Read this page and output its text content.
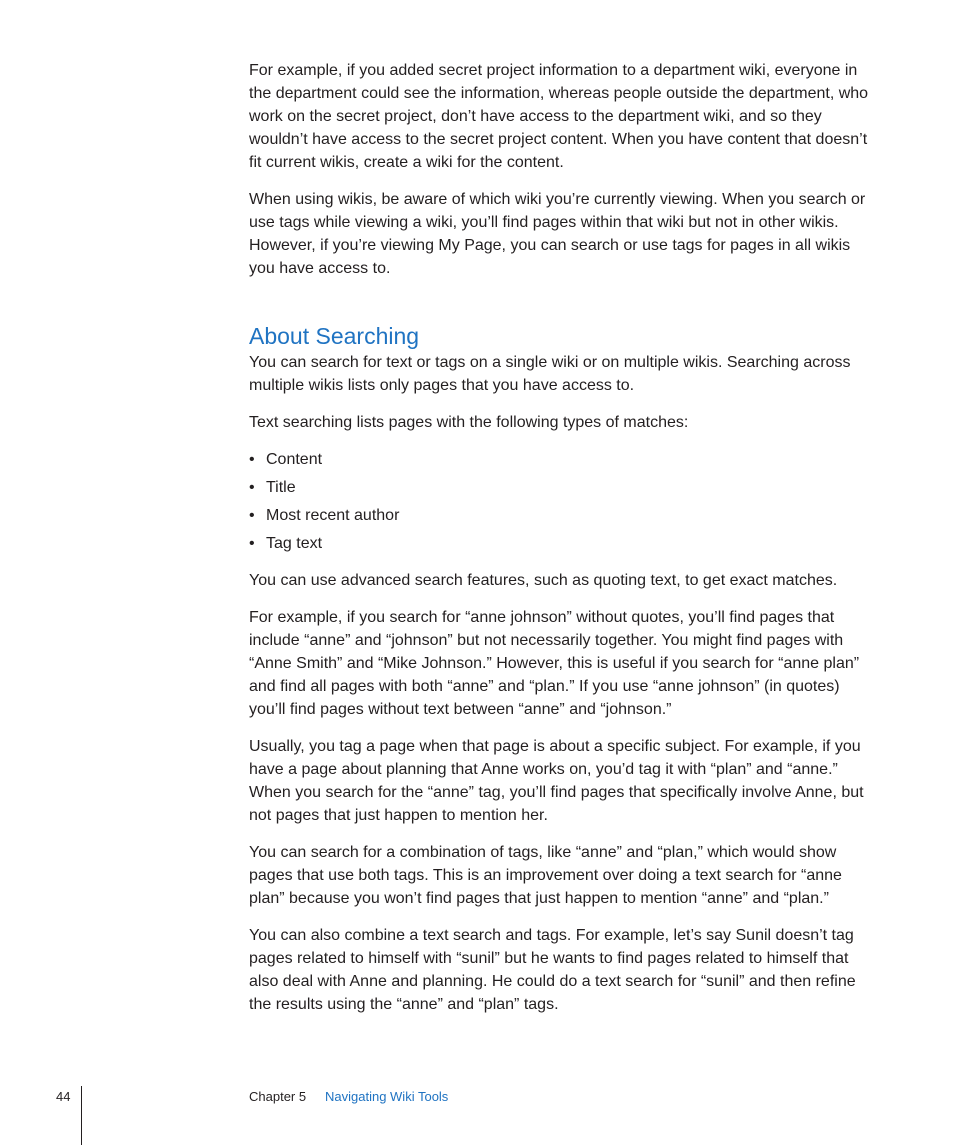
For example, if you added secret project information to a department wiki, everyone in the department could see the information, whereas people outside the department, who work on the secret project, don’t have access to the department wiki, and so they wouldn’t have access to the secret project content. When you have content that doesn’t fit current wikis, create a wiki for the content.

When using wikis, be aware of which wiki you’re currently viewing. When you search or use tags while viewing a wiki, you’ll find pages within that wiki but not in other wikis. However, if you’re viewing My Page, you can search or use tags for pages in all wikis you have access to.

About Searching

You can search for text or tags on a single wiki or on multiple wikis. Searching across multiple wikis lists only pages that you have access to.

Text searching lists pages with the following types of matches:

• Content
• Title
• Most recent author
• Tag text

You can use advanced search features, such as quoting text, to get exact matches.

For example, if you search for “anne johnson” without quotes, you’ll find pages that include “anne” and “johnson” but not necessarily together. You might find pages with “Anne Smith” and “Mike Johnson.” However, this is useful if you search for “anne plan” and find all pages with both “anne” and “plan.” If you use “anne johnson” (in quotes) you’ll find pages without text between “anne” and “johnson.”

Usually, you tag a page when that page is about a specific subject. For example, if you have a page about planning that Anne works on, you’d tag it with “plan” and “anne.” When you search for the “anne” tag, you’ll find pages that specifically involve Anne, but not pages that just happen to mention her.

You can search for a combination of tags, like “anne” and “plan,” which would show pages that use both tags. This is an improvement over doing a text search for “anne plan” because you won’t find pages that just happen to mention “anne” and “plan.”

You can also combine a text search and tags. For example, let’s say Sunil doesn’t tag pages related to himself with “sunil” but he wants to find pages related to himself that also deal with Anne and planning. He could do a text search for “sunil” and then refine the results using the “anne” and “plan” tags.

44	Chapter 5 Navigating Wiki Tools
